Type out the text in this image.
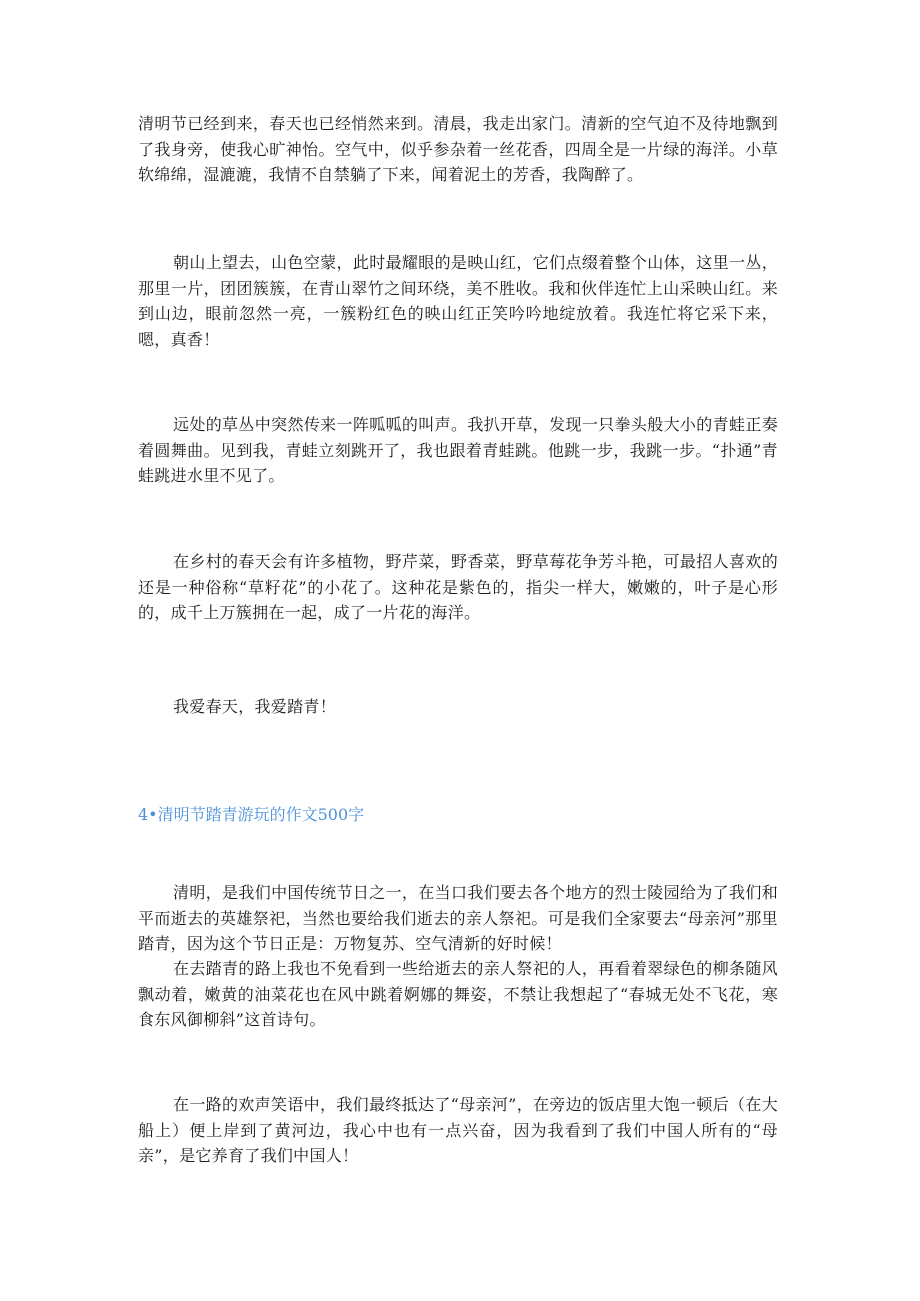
清明节已经到来，春天也已经悄然来到。清晨，我走出家门。清新的空气迫不及待地飘到了我身旁，使我心旷神怡。空气中，似乎参杂着一丝花香，四周全是一片绿的海洋。小草软绵绵，湿漉漉，我情不自禁躺了下来，闻着泥土的芳香，我陶醉了。

朝山上望去，山色空蒙，此时最耀眼的是映山红，它们点缀着整个山体，这里一丛，那里一片，团团簇簇，在青山翠竹之间环绕，美不胜收。我和伙伴连忙上山采映山红。来到山边，眼前忽然一亮，一簇粉红色的映山红正笑吟吟地绽放着。我连忙将它采下来，嗯，真香！

远处的草丛中突然传来一阵呱呱的叫声。我扒开草，发现一只拳头般大小的青蛙正奏着圆舞曲。见到我，青蛙立刻跳开了，我也跟着青蛙跳。他跳一步，我跳一步。“扑通”青蛙跳进水里不见了。

在乡村的春天会有许多植物，野芹菜，野香菜，野草莓花争芳斗艳，可最招人喜欢的还是一种俗称“草籽花”的小花了。这种花是紫色的，指尖一样大，嫩嫩的，叶子是心形的，成千上万簇拥在一起，成了一片花的海洋。

我爱春天，我爱踏青！

4•清明节踏青游玩的作文500字

清明，是我们中国传统节日之一，在当口我们要去各个地方的烈士陵园给为了我们和平而逝去的英雄祭祀，当然也要给我们逝去的亲人祭祀。可是我们全家要去“母亲河”那里踏青，因为这个节日正是：万物复苏、空气清新的好时候！

在去踏青的路上我也不免看到一些给逝去的亲人祭祀的人，再看着翠绿色的柳条随风飘动着，嫩黄的油菜花也在风中跳着婀娜的舞姿，不禁让我想起了“春城无处不飞花，寒食东风御柳斜”这首诗句。

在一路的欢声笑语中，我们最终抵达了“母亲河”，在旁边的饭店里大饱一顿后（在大船上）便上岸到了黄河边，我心中也有一点兴奋，因为我看到了我们中国人所有的“母亲”，是它养育了我们中国人！
